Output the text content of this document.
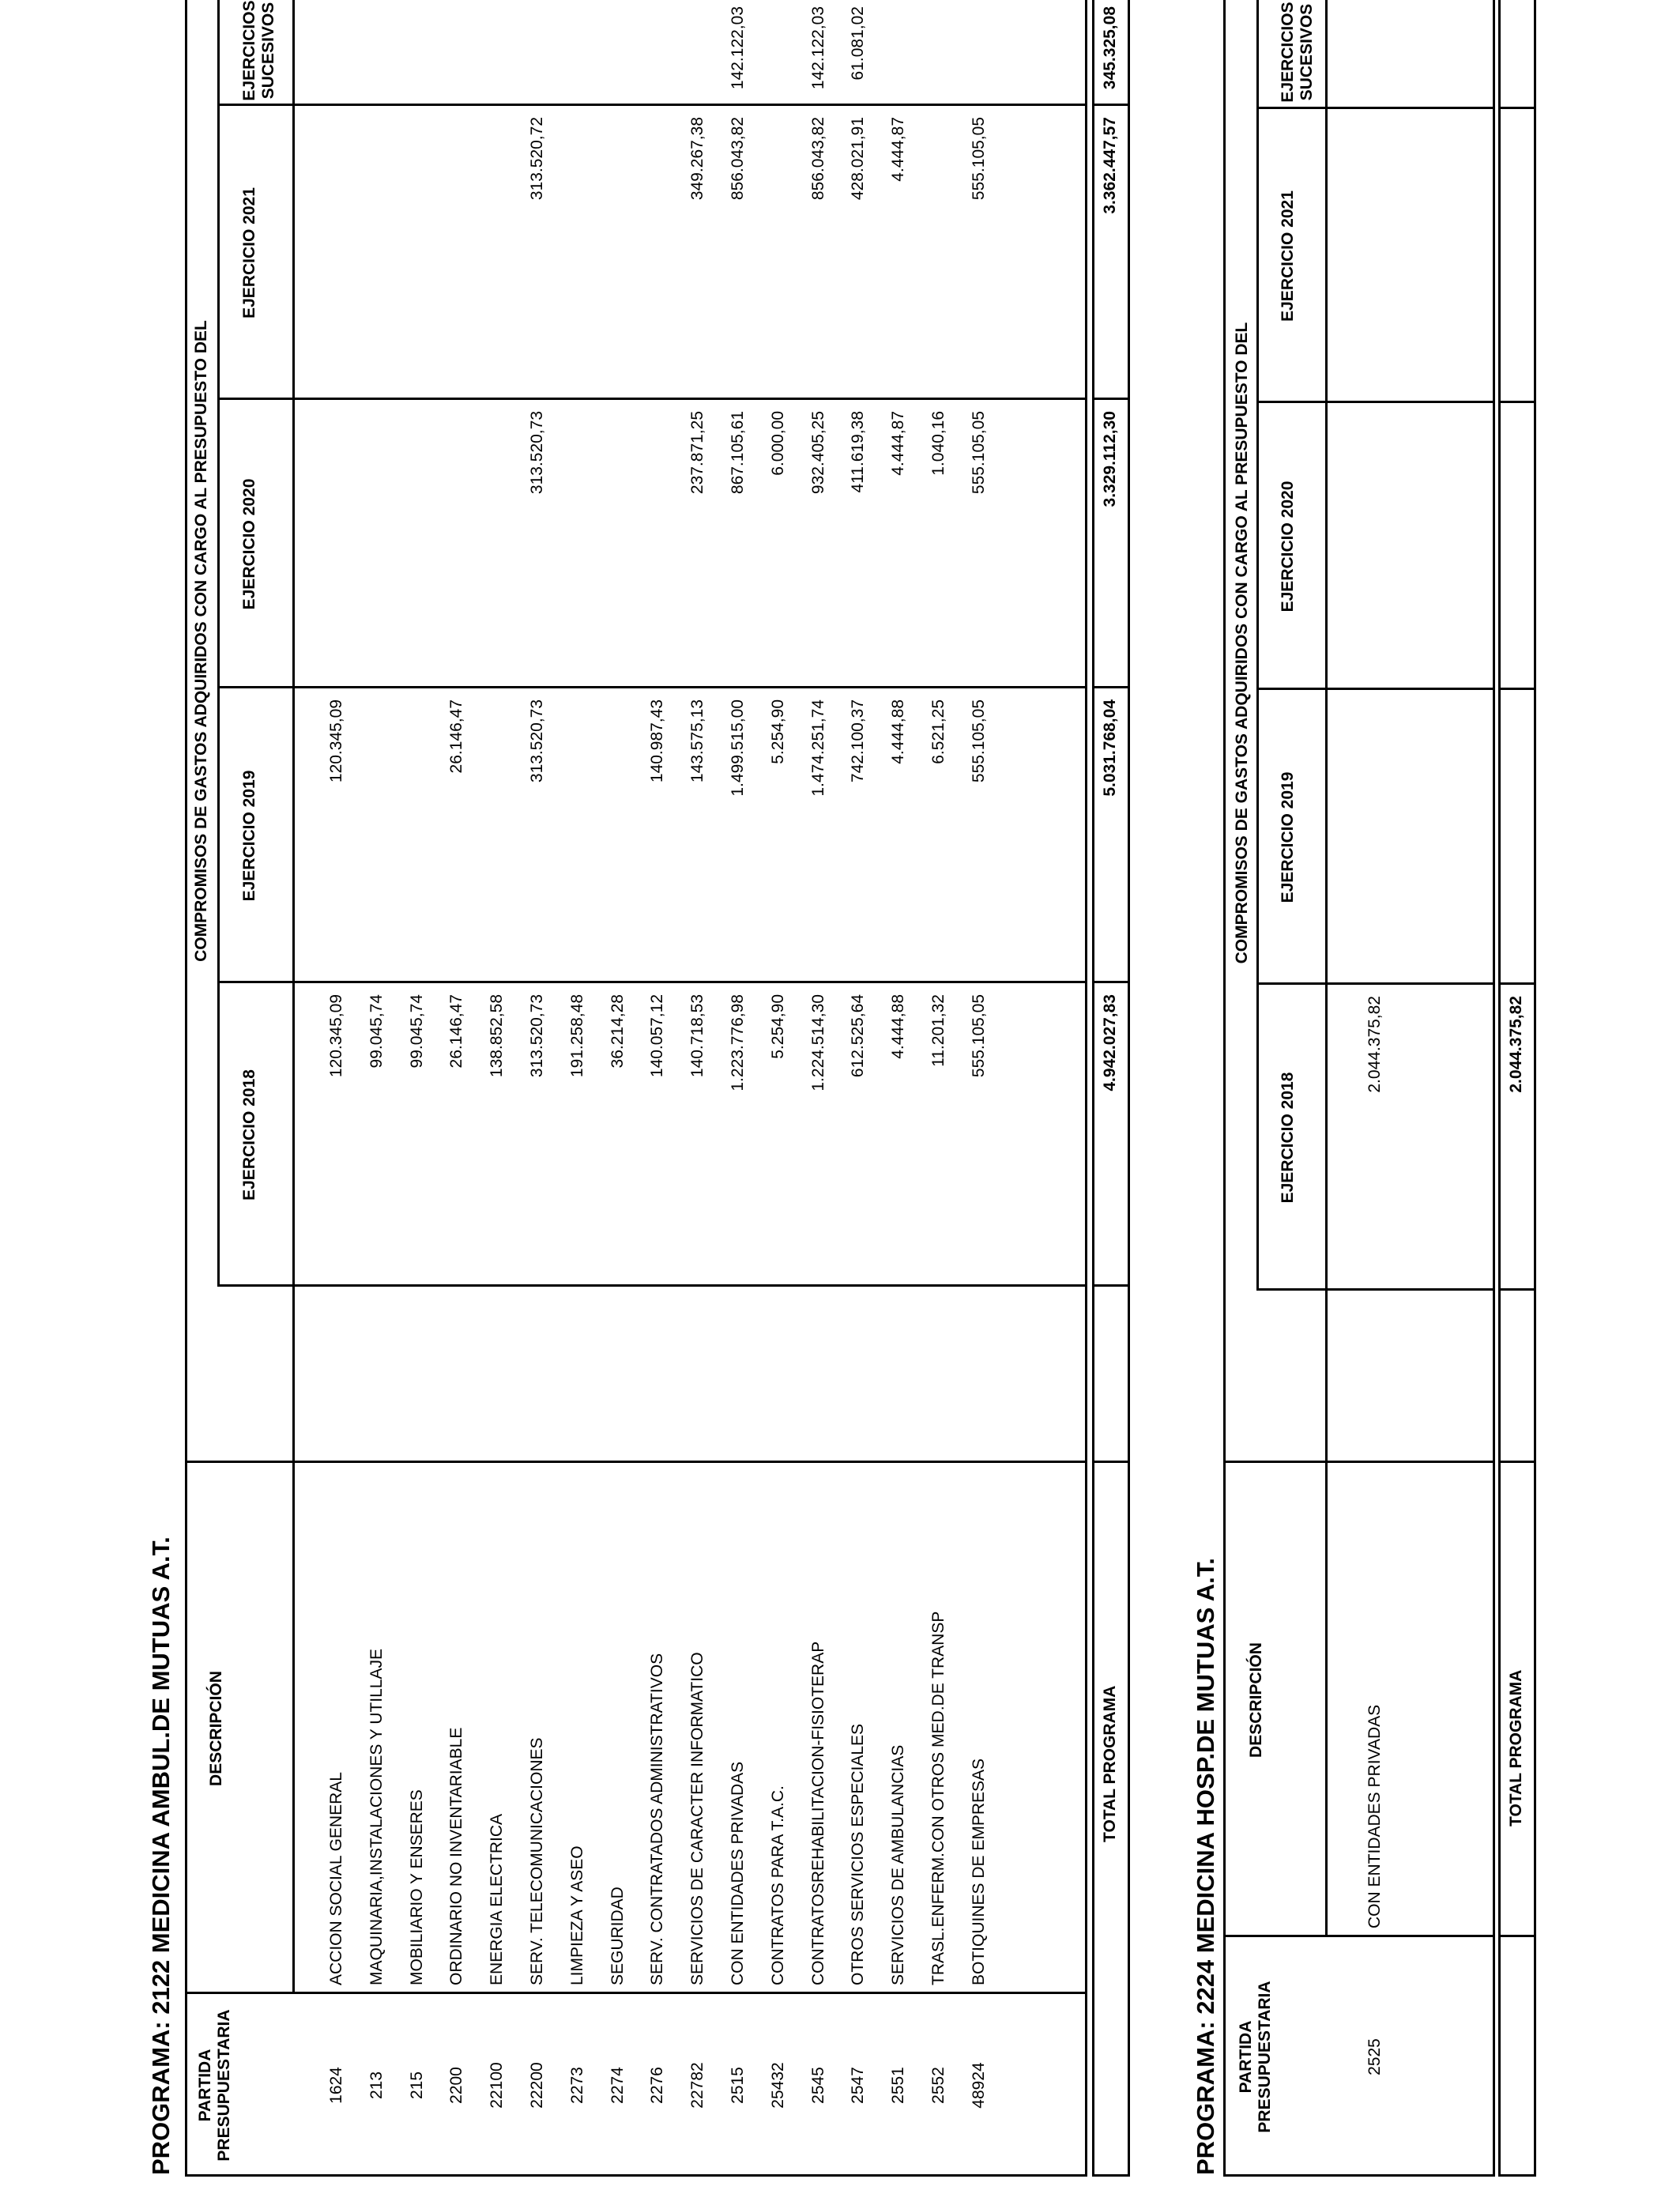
PROGRAMA: 2122 MEDICINA AMBUL.DE MUTUAS A.T. PARTIDA PRESUPUESTARIA
DESCRIPCIÓN
COMPROMISOS DE GASTOS ADQUIRIDOS CON CARGO AL PRESUPUESTO DEL
EJERCICIO 2018
EJERCICIO 2019
EJERCICIO 2020
EJERCICIO 2021
EJERCICIOS SUCESIVOS
1624
ACCION SOCIAL GENERAL
120.345,09
120.345,09
213
MAQUINARIA,INSTALACIONES Y UTILLAJE
99.045,74
215
MOBILIARIO Y ENSERES
99.045,74
2200
ORDINARIO NO INVENTARIABLE
26.146,47
26.146,47
22100
ENERGIA ELECTRICA
138.852,58
22200
SERV. TELECOMUNICACIONES
313.520,73
313.520,73
313.520,73
313.520,72
2273
LIMPIEZA Y ASEO
191.258,48
2274
SEGURIDAD
36.214,28
2276
SERV. CONTRATADOS ADMINISTRATIVOS
140.057,12
140.987,43
22782
SERVICIOS DE CARACTER INFORMATICO
140.718,53
143.575,13
237.871,25
349.267,38
2515
CON ENTIDADES PRIVADAS
1.223.776,98
1.499.515,00
867.105,61
856.043,82
142.122,03
25432
CONTRATOS PARA T.A.C.
5.254,90
5.254,90
6.000,00
2545
CONTRATOSREHABILITACION-FISIOTERAP
1.224.514,30
1.474.251,74
932.405,25
856.043,82
142.122,03
2547
OTROS SERVICIOS ESPECIALES
612.525,64
742.100,37
411.619,38
428.021,91
61.081,02
2551
SERVICIOS DE AMBULANCIAS
4.444,88
4.444,88
4.444,87
4.444,87
2552
TRASL.ENFERM.CON OTROS MED.DE TRANSP
11.201,32
6.521,25
1.040,16
48924
BOTIQUINES DE EMPRESAS
555.105,05
555.105,05
555.105,05
555.105,05
TOTAL PROGRAMA
4.942.027,83
5.031.768,04
3.329.112,30
3.362.447,57
345.325,08
PROGRAMA: 2224 MEDICINA HOSP.DE MUTUAS A.T. PARTIDA PRESUPUESTARIA
DESCRIPCIÓN
COMPROMISOS DE GASTOS ADQUIRIDOS CON CARGO AL PRESUPUESTO DEL
EJERCICIO 2018
EJERCICIO 2019
EJERCICIO 2020
EJERCICIO 2021
EJERCICIOS SUCESIVOS
2525
CON ENTIDADES PRIVADAS
2.044.375,82
TOTAL PROGRAMA
2.044.375,82
